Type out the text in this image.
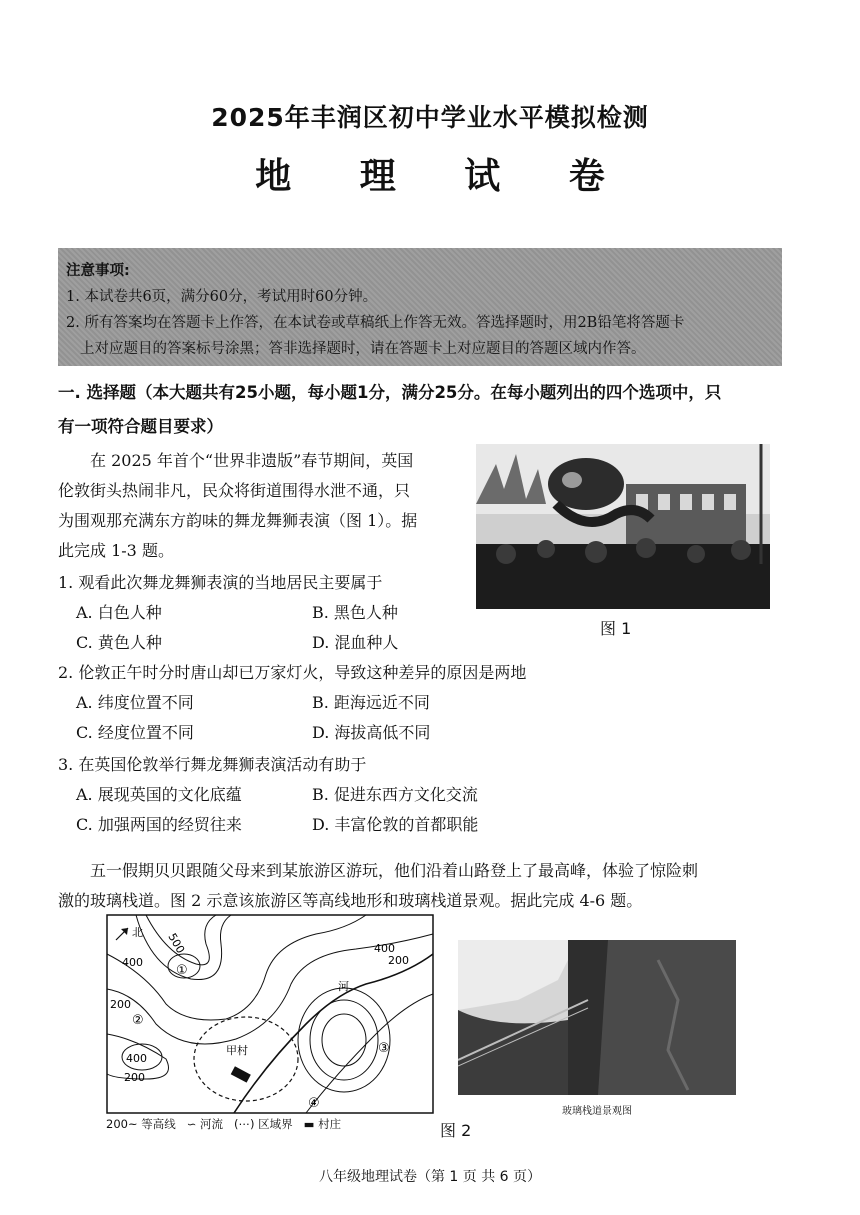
2025年丰润区初中学业水平模拟检测
地 理 试 卷
注意事项:
1. 本试卷共6页，满分60分，考试用时60分钟。
2. 所有答案均在答题卡上作答，在本试卷或草稿纸上作答无效。答选择题时，用2B铅笔将答题卡
上对应题目的答案标号涂黑；答非选择题时，请在答题卡上对应题目的答题区域内作答。
一. 选择题（本大题共有25小题，每小题1分，满分25分。在每小题列出的四个选项中，只
有一项符合题目要求）
在 2025 年首个“世界非遗版”春节期间，英国
伦敦街头热闹非凡，民众将街道围得水泄不通，只
为围观那充满东方韵味的舞龙舞狮表演（图 1）。据
此完成 1-3 题。
图 1
1. 观看此次舞龙舞狮表演的当地居民主要属于
A. 白色人种	B. 黑色人种
C. 黄色人种	D. 混血种人
2. 伦敦正午时分时唐山却已万家灯火，导致这种差异的原因是两地
A. 纬度位置不同	B. 距海远近不同
C. 经度位置不同	D. 海拔高低不同
3. 在英国伦敦举行舞龙舞狮表演活动有助于
A. 展现英国的文化底蕴	B. 促进东西方文化交流
C. 加强两国的经贸往来	D. 丰富伦敦的首都职能
五一假期贝贝跟随父母来到某旅游区游玩，他们沿着山路登上了最高峰，体验了惊险刺
激的玻璃栈道。图 2 示意该旅游区等高线地形和玻璃栈道景观。据此完成 4-6 题。
北
甲村
河
500
400
200
400
200
400
200
①
②
③
④
200~ 等高线 ∽ 河流 (⋯) 区域界 ▬ 村庄
玻璃栈道景观图
图 2
八年级地理试卷（第 1 页 共 6 页）
